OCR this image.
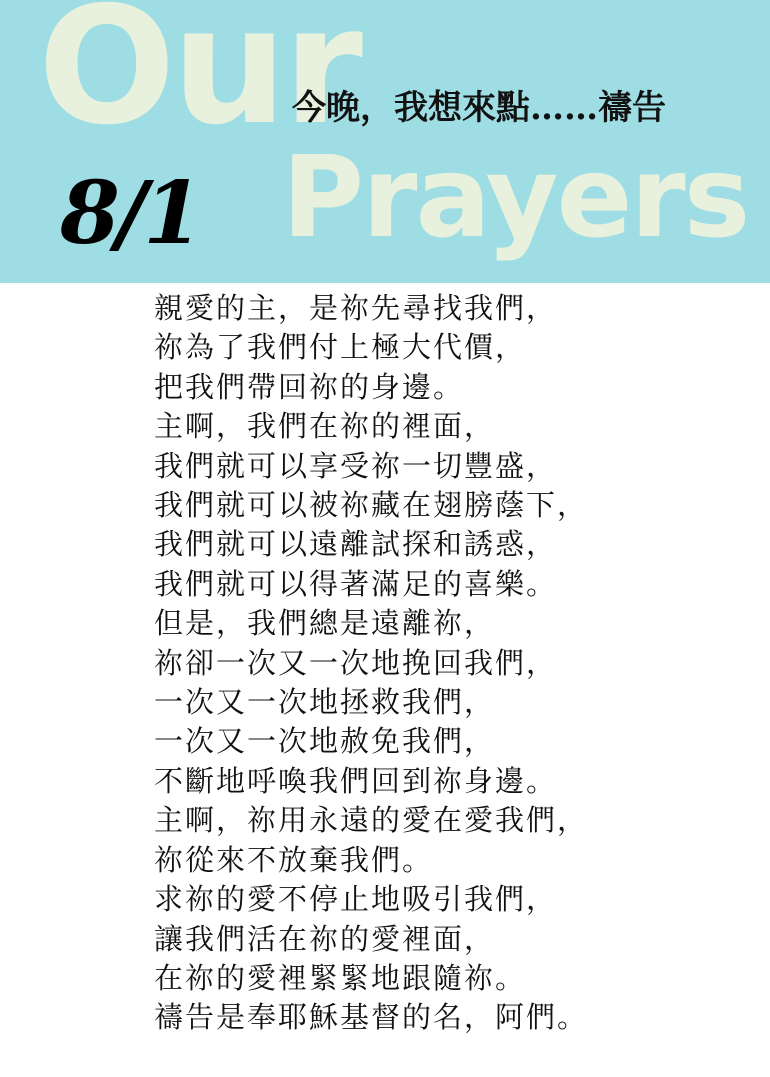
Our
Prayers
今晚，我想來點……禱告
8/1
親愛的主，是祢先尋找我們，
祢為了我們付上極大代價，
把我們帶回祢的身邊。
主啊，我們在祢的裡面，
我們就可以享受祢一切豐盛，
我們就可以被祢藏在翅膀蔭下，
我們就可以遠離試探和誘惑，
我們就可以得著滿足的喜樂。
但是，我們總是遠離祢，
祢卻一次又一次地挽回我們，
一次又一次地拯救我們，
一次又一次地赦免我們，
不斷地呼喚我們回到祢身邊。
主啊，祢用永遠的愛在愛我們，
祢從來不放棄我們。
求祢的愛不停止地吸引我們，
讓我們活在祢的愛裡面，
在祢的愛裡緊緊地跟隨祢。
禱告是奉耶穌基督的名，阿們。
